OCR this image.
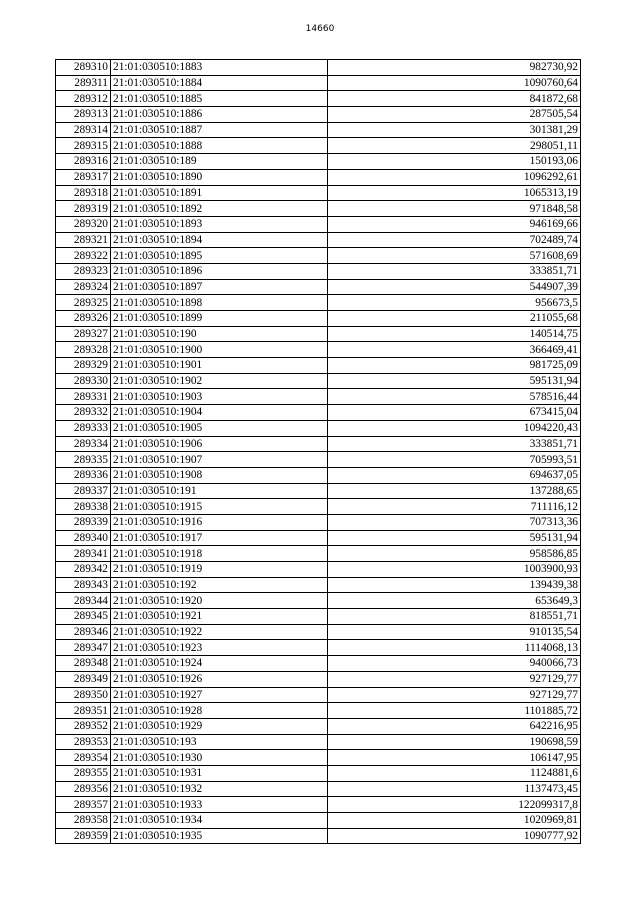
14660
289310	21:01:030510:1883	982730,92
289311	21:01:030510:1884	1090760,64
289312	21:01:030510:1885	841872,68
289313	21:01:030510:1886	287505,54
289314	21:01:030510:1887	301381,29
289315	21:01:030510:1888	298051,11
289316	21:01:030510:189	150193,06
289317	21:01:030510:1890	1096292,61
289318	21:01:030510:1891	1065313,19
289319	21:01:030510:1892	971848,58
289320	21:01:030510:1893	946169,66
289321	21:01:030510:1894	702489,74
289322	21:01:030510:1895	571608,69
289323	21:01:030510:1896	333851,71
289324	21:01:030510:1897	544907,39
289325	21:01:030510:1898	956673,5
289326	21:01:030510:1899	211055,68
289327	21:01:030510:190	140514,75
289328	21:01:030510:1900	366469,41
289329	21:01:030510:1901	981725,09
289330	21:01:030510:1902	595131,94
289331	21:01:030510:1903	578516,44
289332	21:01:030510:1904	673415,04
289333	21:01:030510:1905	1094220,43
289334	21:01:030510:1906	333851,71
289335	21:01:030510:1907	705993,51
289336	21:01:030510:1908	694637,05
289337	21:01:030510:191	137288,65
289338	21:01:030510:1915	711116,12
289339	21:01:030510:1916	707313,36
289340	21:01:030510:1917	595131,94
289341	21:01:030510:1918	958586,85
289342	21:01:030510:1919	1003900,93
289343	21:01:030510:192	139439,38
289344	21:01:030510:1920	653649,3
289345	21:01:030510:1921	818551,71
289346	21:01:030510:1922	910135,54
289347	21:01:030510:1923	1114068,13
289348	21:01:030510:1924	940066,73
289349	21:01:030510:1926	927129,77
289350	21:01:030510:1927	927129,77
289351	21:01:030510:1928	1101885,72
289352	21:01:030510:1929	642216,95
289353	21:01:030510:193	190698,59
289354	21:01:030510:1930	106147,95
289355	21:01:030510:1931	1124881,6
289356	21:01:030510:1932	1137473,45
289357	21:01:030510:1933	122099317,8
289358	21:01:030510:1934	1020969,81
289359	21:01:030510:1935	1090777,92
